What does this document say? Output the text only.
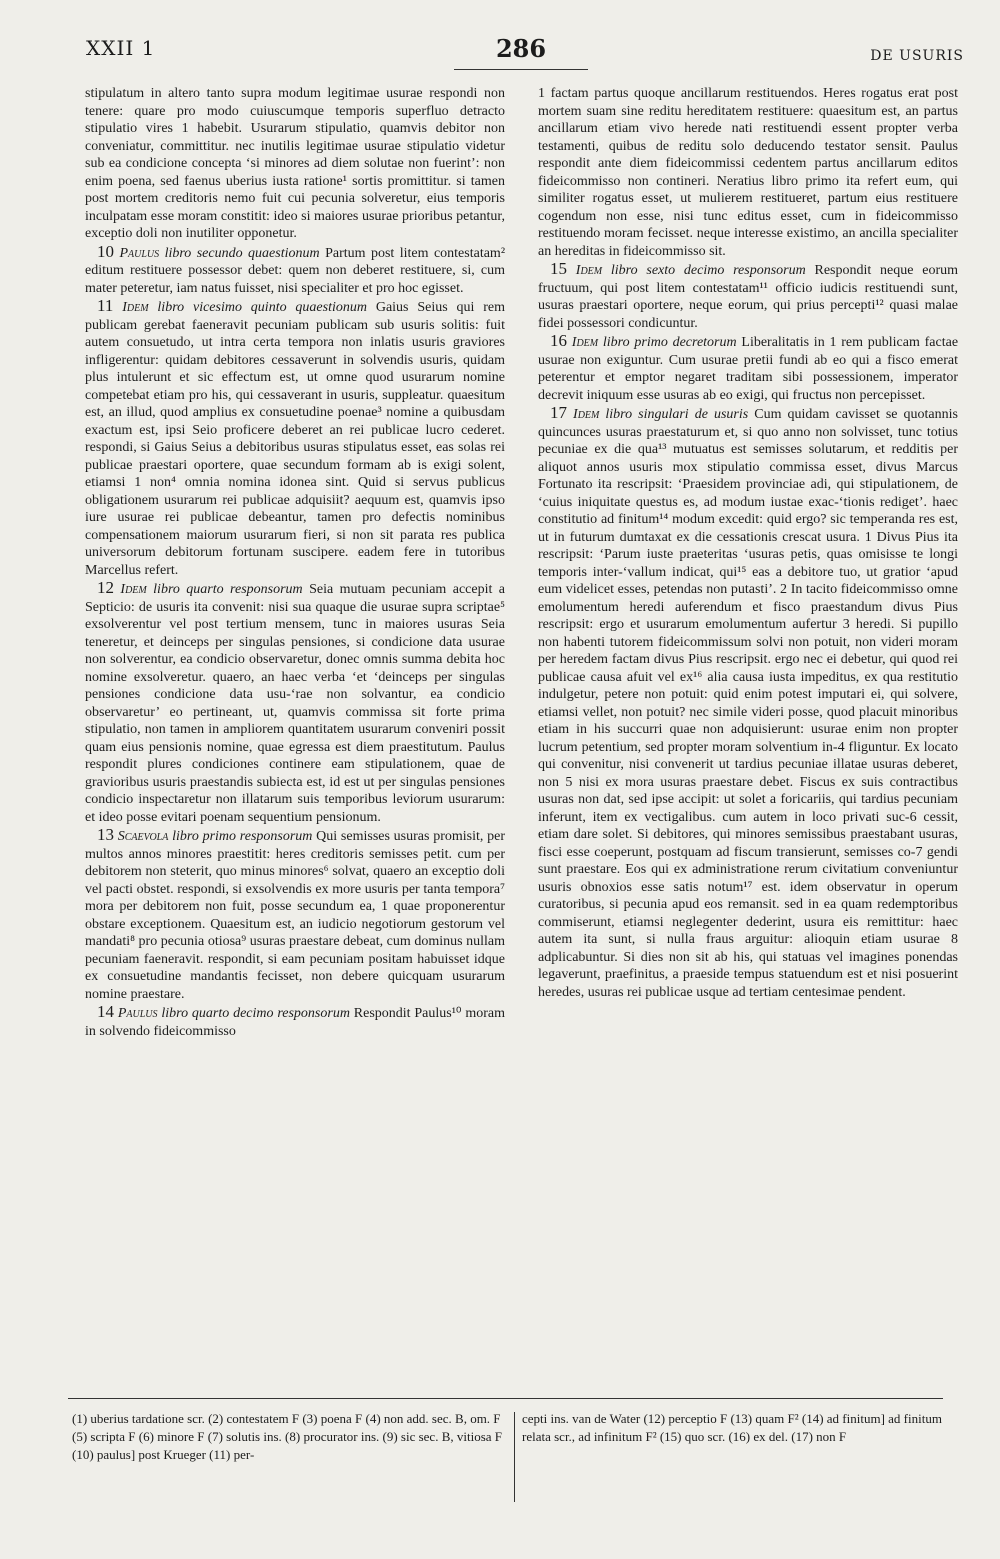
XXII 1	286	DE USURIS

stipulatum in altero tanto supra modum legitimae usurae respondi non tenere: quare pro modo cuiuscumque temporis superfluo detracto stipulatio vires 1 habebit. Usurarum stipulatio, quamvis debitor non conveniatur, committitur. nec inutilis legitimae usurae stipulatio videtur sub ea condicione concepta ‘si minores ad diem solutae non fuerint’: non enim poena, sed faenus uberius iusta ratione¹ sortis promittitur. si tamen post mortem creditoris nemo fuit cui pecunia solveretur, eius temporis inculpatam esse moram constitit: ideo si maiores usurae prioribus petantur, exceptio doli non inutiliter opponetur.

10 Paulus libro secundo quaestionum Partum post litem contestatam² editum restituere possessor debet: quem non deberet restituere, si, cum mater peteretur, iam natus fuisset, nisi specialiter et pro hoc egisset.

11 Idem libro vicesimo quinto quaestionum Gaius Seius qui rem publicam gerebat faeneravit pecuniam publicam sub usuris solitis: fuit autem consuetudo, ut intra certa tempora non inlatis usuris graviores infligerentur: quidam debitores cessaverunt in solvendis usuris, quidam plus intulerunt et sic effectum est, ut omne quod usurarum nomine competebat etiam pro his, qui cessaverant in usuris, suppleatur. quaesitum est, an illud, quod amplius ex consuetudine poenae³ nomine a quibusdam exactum est, ipsi Seio proficere deberet an rei publicae lucro cederet. respondi, si Gaius Seius a debitoribus usuras stipulatus esset, eas solas rei publicae praestari oportere, quae secundum formam ab is exigi solent, etiamsi 1 non⁴ omnia nomina idonea sint. Quid si servus publicus obligationem usurarum rei publicae adquisiit? aequum est, quamvis ipso iure usurae rei publicae debeantur, tamen pro defectis nominibus compensationem maiorum usurarum fieri, si non sit parata res publica universorum debitorum fortunam suscipere. eadem fere in tutoribus Marcellus refert.

12 Idem libro quarto responsorum Seia mutuam pecuniam accepit a Septicio: de usuris ita convenit: nisi sua quaque die usurae supra scriptae⁵ exsolverentur vel post tertium mensem, tunc in maiores usuras Seia teneretur, et deinceps per singulas pensiones, si condicione data usurae non solverentur, ea condicio observaretur, donec omnis summa debita hoc nomine exsolveretur. quaero, an haec verba ‘et ‘deinceps per singulas pensiones condicione data usu-‘rae non solvantur, ea condicio observaretur’ eo pertineant, ut, quamvis commissa sit forte prima stipulatio, non tamen in ampliorem quantitatem usurarum conveniri possit quam eius pensionis nomine, quae egressa est diem praestitutum. Paulus respondit plures condiciones continere eam stipulationem, quae de gravioribus usuris praestandis subiecta est, id est ut per singulas pensiones condicio inspectaretur non illatarum suis temporibus leviorum usurarum: et ideo posse evitari poenam sequentium pensionum.

13 Scaevola libro primo responsorum Qui semisses usuras promisit, per multos annos minores praestitit: heres creditoris semisses petit. cum per debitorem non steterit, quo minus minores⁶ solvat, quaero an exceptio doli vel pacti obstet. respondi, si exsolvendis ex more usuris per tanta tempora⁷ mora per debitorem non fuit, posse secundum ea, 1 quae proponerentur obstare exceptionem. Quaesitum est, an iudicio negotiorum gestorum vel mandati⁸ pro pecunia otiosa⁹ usuras praestare debeat, cum dominus nullam pecuniam faeneravit. respondit, si eam pecuniam positam habuisset idque ex consuetudine mandantis fecisset, non debere quicquam usurarum nomine praestare.

14 Paulus libro quarto decimo responsorum Respondit Paulus¹⁰ moram in solvendo fideicommisso

1 factam partus quoque ancillarum restituendos. Heres rogatus erat post mortem suam sine reditu hereditatem restituere: quaesitum est, an partus ancillarum etiam vivo herede nati restituendi essent propter verba testamenti, quibus de reditu solo deducendo testator sensit. Paulus respondit ante diem fideicommissi cedentem partus ancillarum editos fideicommisso non contineri. Neratius libro primo ita refert eum, qui similiter rogatus esset, ut mulierem restitueret, partum eius restituere cogendum non esse, nisi tunc editus esset, cum in fideicommisso restituendo moram fecisset. neque interesse existimo, an ancilla specialiter an hereditas in fideicommisso sit.

15 Idem libro sexto decimo responsorum Respondit neque eorum fructuum, qui post litem contestatam¹¹ officio iudicis restituendi sunt, usuras praestari oportere, neque eorum, qui prius percepti¹² quasi malae fidei possessori condicuntur.

16 Idem libro primo decretorum Liberalitatis in 1 rem publicam factae usurae non exiguntur. Cum usurae pretii fundi ab eo qui a fisco emerat peterentur et emptor negaret traditam sibi possessionem, imperator decrevit iniquum esse usuras ab eo exigi, qui fructus non percepisset.

17 Idem libro singulari de usuris Cum quidam cavisset se quotannis quincunces usuras praestaturum et, si quo anno non solvisset, tunc totius pecuniae ex die qua¹³ mutuatus est semisses solutarum, et redditis per aliquot annos usuris mox stipulatio commissa esset, divus Marcus Fortunato ita rescripsit: ‘Praesidem provinciae adi, qui stipulationem, de ‘cuius iniquitate questus es, ad modum iustae exac-‘tionis rediget’. haec constitutio ad finitum¹⁴ modum excedit: quid ergo? sic temperanda res est, ut in futurum dumtaxat ex die cessationis crescat usura. 1 Divus Pius ita rescripsit: ‘Parum iuste praeteritas ‘usuras petis, quas omisisse te longi temporis inter-‘vallum indicat, qui¹⁵ eas a debitore tuo, ut gratior ‘apud eum videlicet esses, petendas non putasti’. 2 In tacito fideicommisso omne emolumentum heredi auferendum et fisco praestandum divus Pius rescripsit: ergo et usurarum emolumentum aufertur 3 heredi. Si pupillo non habenti tutorem fideicommissum solvi non potuit, non videri moram per heredem factam divus Pius rescripsit. ergo nec ei debetur, qui quod rei publicae causa afuit vel ex¹⁶ alia causa iusta impeditus, ex qua restitutio indulgetur, petere non potuit: quid enim potest imputari ei, qui solvere, etiamsi vellet, non potuit? nec simile videri posse, quod placuit minoribus etiam in his succurri quae non adquisierunt: usurae enim non propter lucrum petentium, sed propter moram solventium in-4 fliguntur. Ex locato qui convenitur, nisi convenerit ut tardius pecuniae illatae usuras deberet, non 5 nisi ex mora usuras praestare debet. Fiscus ex suis contractibus usuras non dat, sed ipse accipit: ut solet a foricariis, qui tardius pecuniam inferunt, item ex vectigalibus. cum autem in loco privati suc-6 cessit, etiam dare solet. Si debitores, qui minores semissibus praestabant usuras, fisci esse coeperunt, postquam ad fiscum transierunt, semisses co-7 gendi sunt praestare. Eos qui ex administratione rerum civitatium conveniuntur usuris obnoxios esse satis notum¹⁷ est. idem observatur in operum curatoribus, si pecunia apud eos remansit. sed in ea quam redemptoribus commiserunt, etiamsi neglegenter dederint, usura eis remittitur: haec autem ita sunt, si nulla fraus arguitur: alioquin etiam usurae 8 adplicabuntur. Si dies non sit ab his, qui statuas vel imagines ponendas legaverunt, praefinitus, a praeside tempus statuendum est et nisi posuerint heredes, usuras rei publicae usque ad tertiam centesimae pendent.

(1) uberius tardatione scr. (2) contestatem F (3) poena F (4) non add. sec. B, om. F (5) scripta F (6) minore F (7) solutis ins. (8) procurator ins. (9) sic sec. B, vitiosa F (10) paulus] post Krueger (11) per-
cepti ins. van de Water (12) perceptio F (13) quam F² (14) ad finitum] ad finitum relata scr., ad infinitum F² (15) quo scr. (16) ex del. (17) non F
